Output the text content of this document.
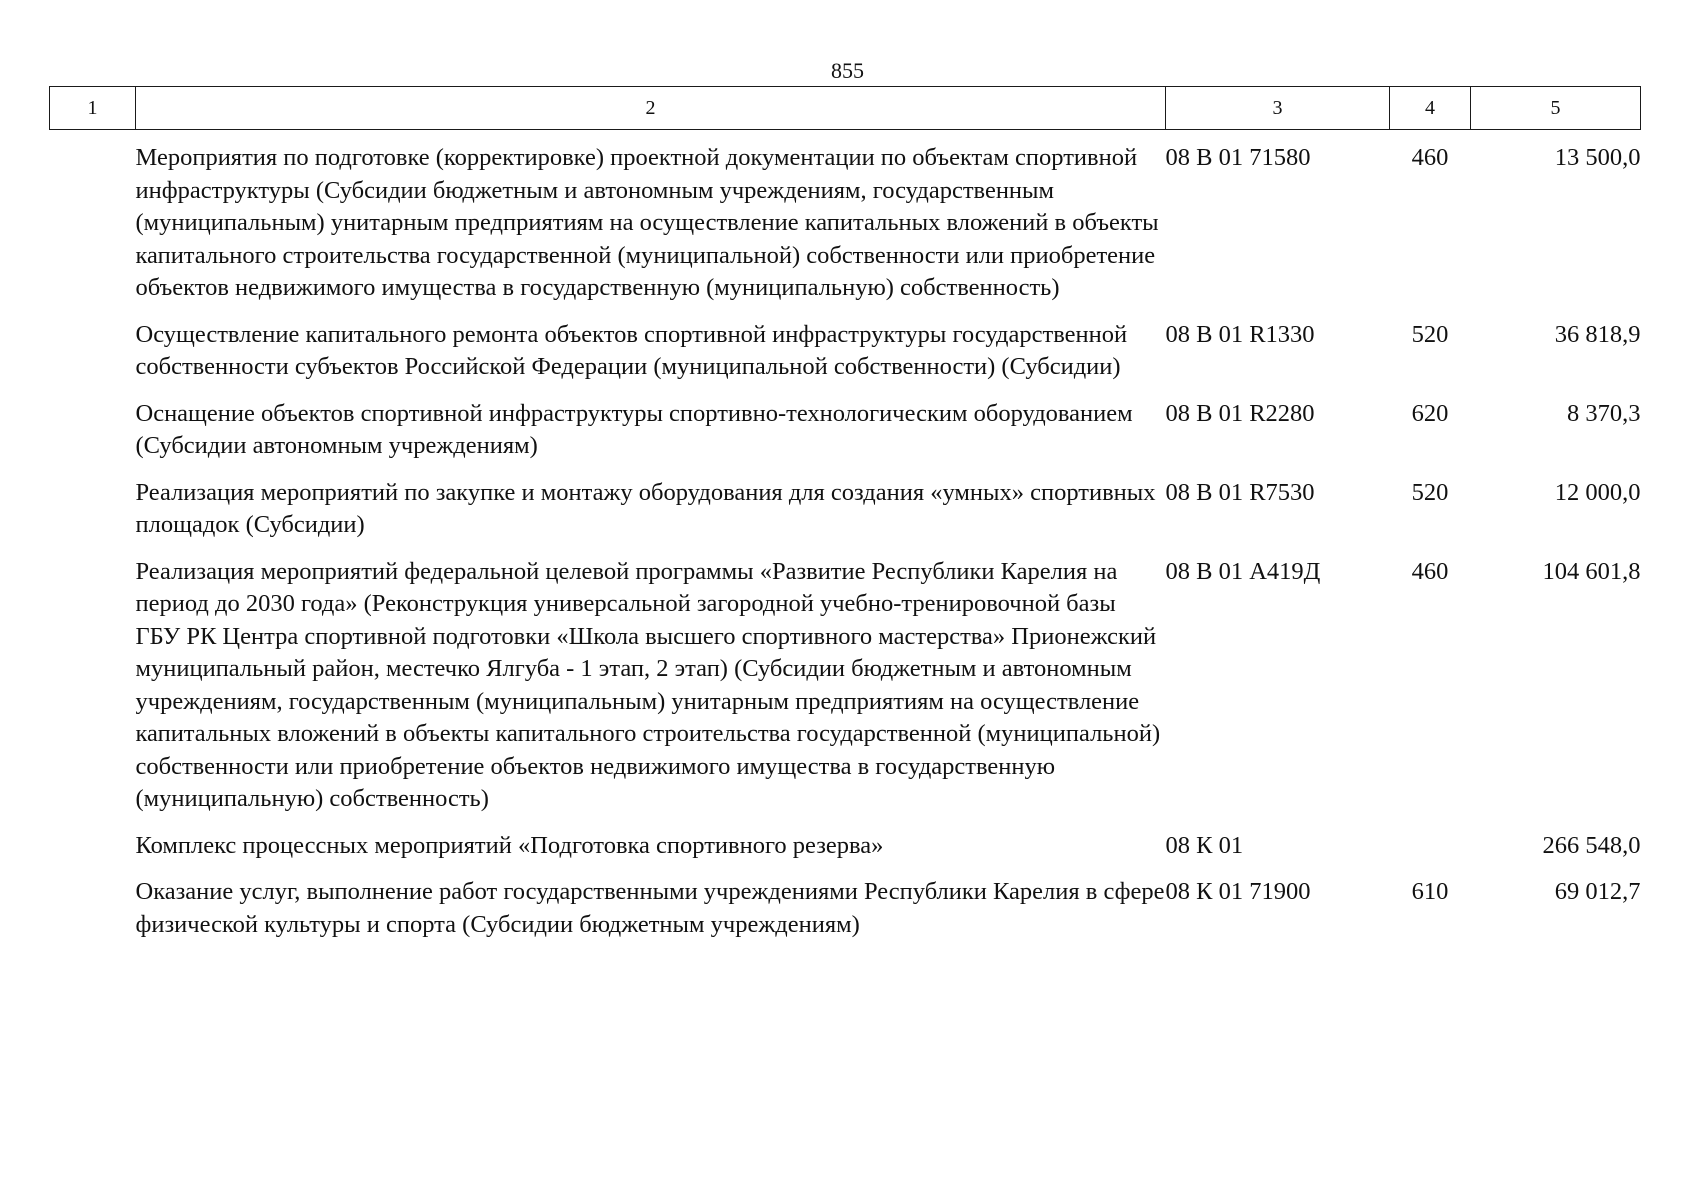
855
1	2	3	4	5
	Мероприятия по подготовке (корректировке) проектной документации по объектам спортивной инфраструктуры (Субсидии бюджетным и автономным учреждениям, государственным (муниципальным) унитарным предприятиям на осуществление капитальных вложений в объекты капитального строительства государственной (муниципальной) собственности или приобретение объектов недвижимого имущества в государственную (муниципальную) собственность)	08 В 01 71580	460	13 500,0
	Осуществление капитального ремонта объектов спортивной инфраструктуры государственной собственности субъектов Российской Федерации (муниципальной собственности) (Субсидии)	08 В 01 R1330	520	36 818,9
	Оснащение объектов спортивной инфраструктуры спортивно-технологическим оборудованием (Субсидии автономным учреждениям)	08 В 01 R2280	620	8 370,3
	Реализация мероприятий по закупке и монтажу оборудования для создания «умных» спортивных площадок (Субсидии)	08 В 01 R7530	520	12 000,0
	Реализация мероприятий федеральной целевой программы «Развитие Республики Карелия на период до 2030 года» (Реконструкция универсальной загородной учебно-тренировочной базы ГБУ РК Центра спортивной подготовки «Школа высшего спортивного мастерства» Прионежский муниципальный район, местечко Ялгуба - 1 этап, 2 этап) (Субсидии бюджетным и автономным учреждениям, государственным (муниципальным) унитарным предприятиям на осуществление капитальных вложений в объекты капитального строительства государственной (муниципальной) собственности или приобретение объектов недвижимого имущества в государственную (муниципальную) собственность)	08 В 01 А419Д	460	104 601,8
	Комплекс процессных мероприятий «Подготовка спортивного резерва»	08 К 01		266 548,0
	Оказание услуг, выполнение работ государственными учреждениями Республики Карелия в сфере физической культуры и спорта (Субсидии бюджетным учреждениям)	08 К 01 71900	610	69 012,7
